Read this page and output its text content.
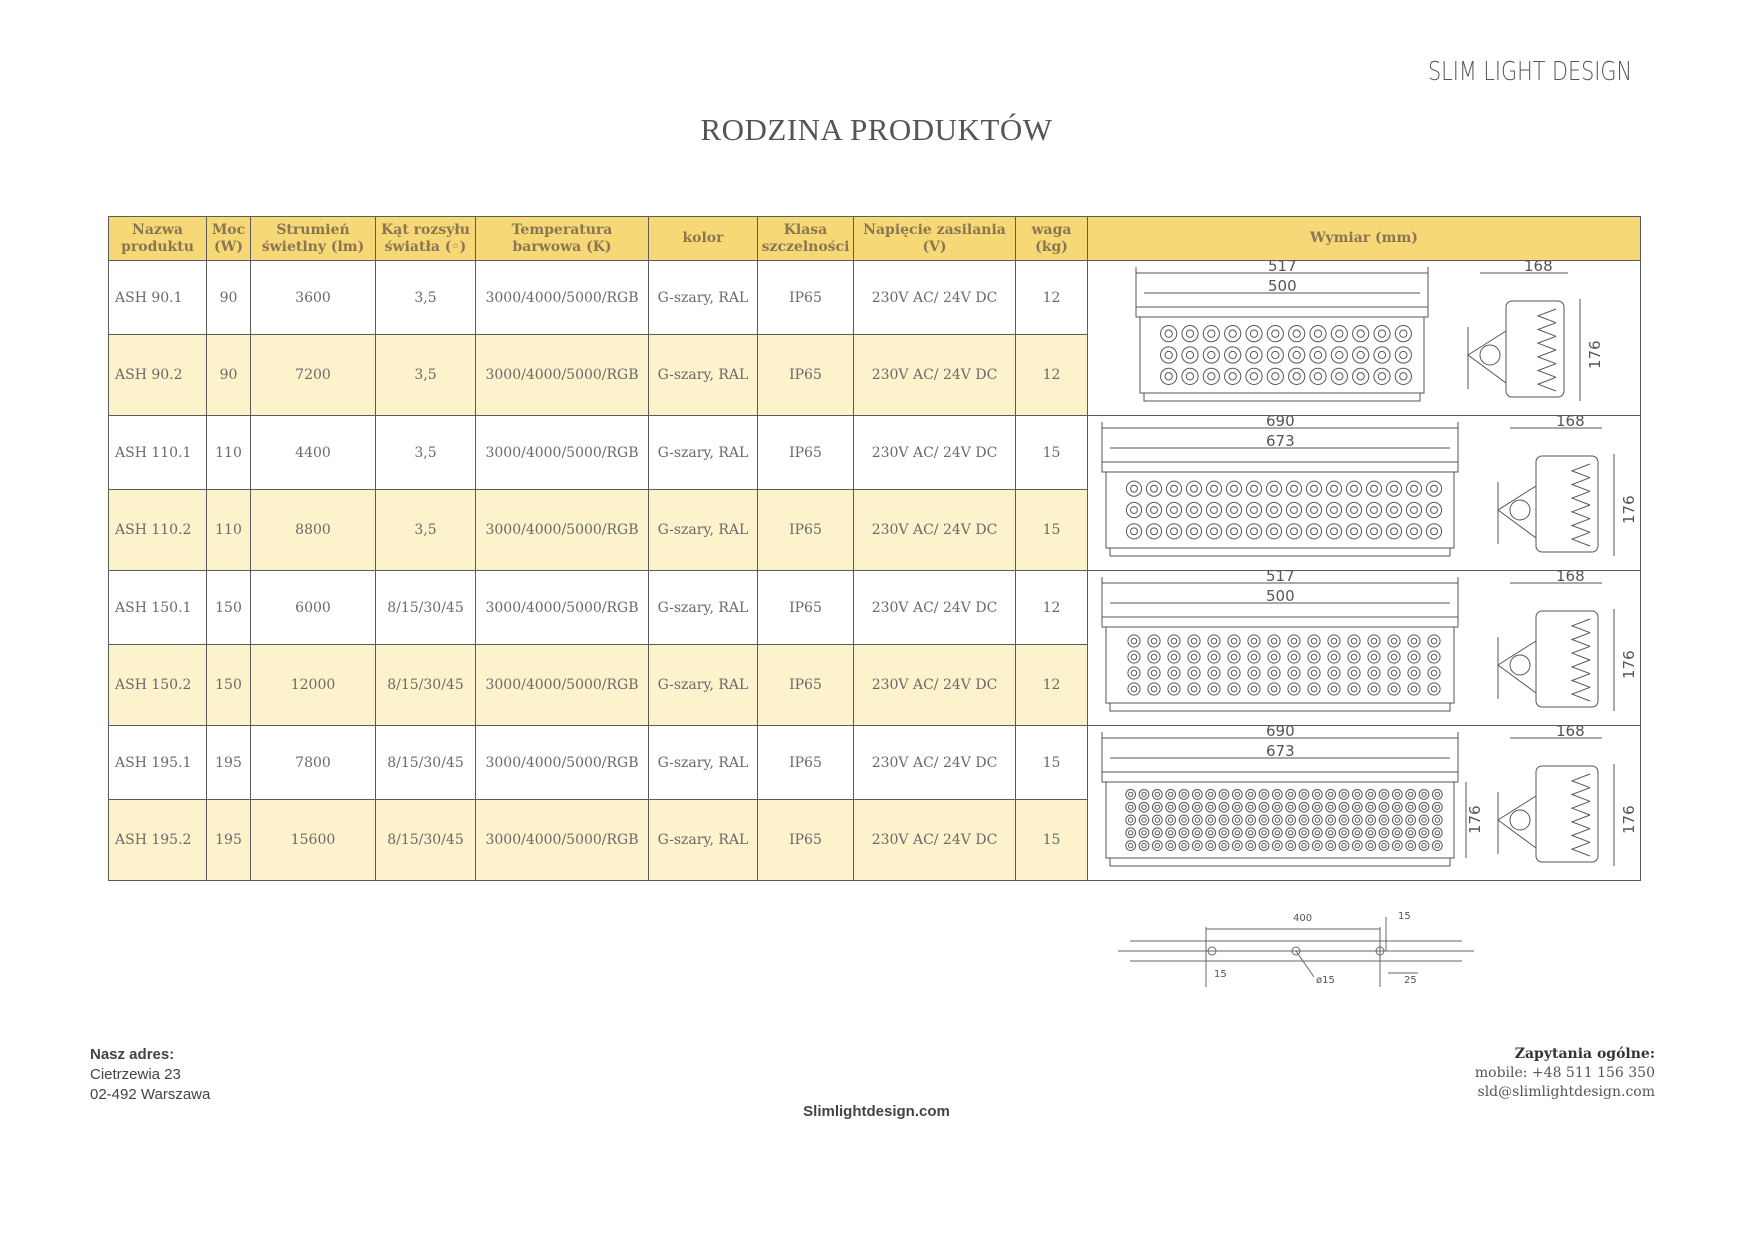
SLIM LIGHT DESIGN
RODZINA PRODUKTÓW
Nazwa produktu	Moc (W)	Strumień świetlny (lm)	Kąt rozsyłu światła (◦)	Temperatura barwowa (K)	kolor	Klasa szczelności	Napięcie zasilania (V)	waga (kg)	Wymiar (mm)
ASH 90.1	90	3600	3,5	3000/4000/5000/RGB	G-szary, RAL	IP65	230V AC/ 24V DC	12	517
500
168
176

ASH 90.2	90	7200	3,5	3000/4000/5000/RGB	G-szary, RAL	IP65	230V AC/ 24V DC	12	
ASH 110.1	110	4400	3,5	3000/4000/5000/RGB	G-szary, RAL	IP65	230V AC/ 24V DC	15	690
673
168
176

ASH 110.2	110	8800	3,5	3000/4000/5000/RGB	G-szary, RAL	IP65	230V AC/ 24V DC	15	
ASH 150.1	150	6000	8/15/30/45	3000/4000/5000/RGB	G-szary, RAL	IP65	230V AC/ 24V DC	12	517
500
168
176

ASH 150.2	150	12000	8/15/30/45	3000/4000/5000/RGB	G-szary, RAL	IP65	230V AC/ 24V DC	12	
ASH 195.1	195	7800	8/15/30/45	3000/4000/5000/RGB	G-szary, RAL	IP65	230V AC/ 24V DC	15	690
673
168
176
176

ASH 195.2	195	15600	8/15/30/45	3000/4000/5000/RGB	G-szary, RAL	IP65	230V AC/ 24V DC	15	
400	15
15
ø15	25
Nasz adres:
Cietrzewia 23
02-492 Warszawa
Slimlightdesign.com
Zapytania ogólne:
mobile: +48 511 156 350
sld@slimlightdesign.com
